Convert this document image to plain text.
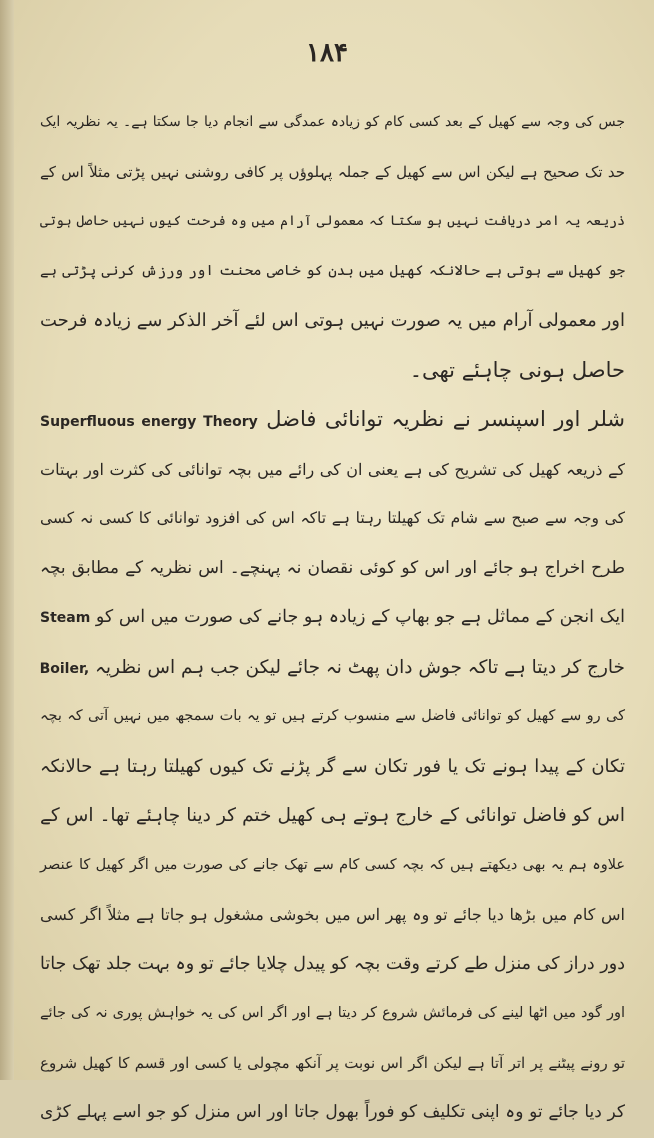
۱۸۴
جس کی وجہ سے کھیل کے بعد کسی کام کو زیادہ عمدگی سے انجام دیا جا سکتا ہے۔ یہ نظریہ ایک
حد تک صحیح ہے لیکن اس سے کھیل کے جملہ پہلوؤں پر کافی روشنی نہیں پڑتی مثلاً اس کے
ذریعہ یہ امر دریافت نہیں ہو سکتا کہ معمولی آرام میں وہ فرحت کیوں نہیں حاصل ہوتی
جو کھیل سے ہوتی ہے حالانکہ کھیل میں بدن کو خاصی محنت اور ورزش کرنی پڑتی ہے
اور معمولی آرام میں یہ صورت نہیں ہوتی اس لئے آخر الذکر سے زیادہ فرحت
حاصل ہونی چاہئے تھی۔
شلر اور اسپنسر نے نظریہ توانائی فاضل Superfluous energy Theory
کے ذریعہ کھیل کی تشریح کی ہے یعنی ان کی رائے میں بچہ توانائی کی کثرت اور بہتات
کی وجہ سے صبح سے شام تک کھیلتا رہتا ہے تاکہ اس کی افزود توانائی کا کسی نہ کسی
طرح اخراج ہو جائے اور اس کو کوئی نقصان نہ پہنچے۔ اس نظریہ کے مطابق بچہ
ایک انجن کے مماثل ہے جو بھاپ کے زیادہ ہو جانے کی صورت میں اس کو Steam
خارج کر دیتا ہے تاکہ جوش دان پھٹ نہ جائے لیکن جب ہم اس نظریہ Boiler,
کی رو سے کھیل کو توانائی فاضل سے منسوب کرتے ہیں تو یہ بات سمجھ میں نہیں آتی کہ بچہ
تکان کے پیدا ہونے تک یا فور تکان سے گر پڑنے تک کیوں کھیلتا رہتا ہے حالانکہ
اس کو فاضل توانائی کے خارج ہوتے ہی کھیل ختم کر دینا چاہئے تھا۔ اس کے
علاوہ ہم یہ بھی دیکھتے ہیں کہ بچہ کسی کام سے تھک جانے کی صورت میں اگر کھیل کا عنصر
اس کام میں بڑھا دیا جائے تو وہ پھر اس میں بخوشی مشغول ہو جاتا ہے مثلاً اگر کسی
دور دراز کی منزل طے کرتے وقت بچہ کو پیدل چلایا جائے تو وہ بہت جلد تھک جاتا
اور گود میں اٹھا لینے کی فرمائش شروع کر دیتا ہے اور اگر اس کی یہ خواہش پوری نہ کی جائے
تو رونے پیٹنے پر اتر آتا ہے لیکن اگر اس نوبت پر آنکھ مچولی یا کسی اور قسم کا کھیل شروع
کر دیا جائے تو وہ اپنی تکلیف کو فوراً بھول جاتا اور اس منزل کو جو اسے پہلے کڑی
